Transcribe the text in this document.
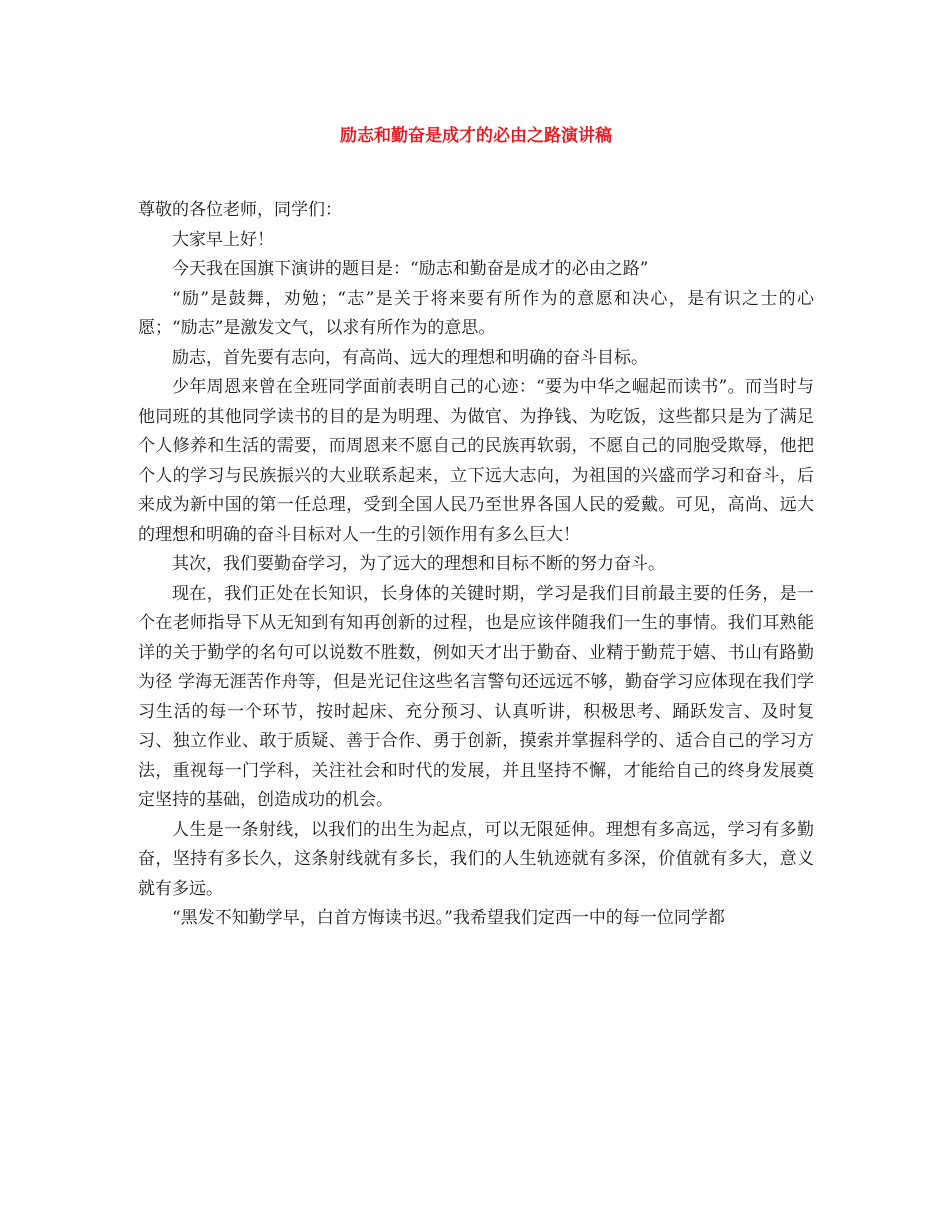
励志和勤奋是成才的必由之路演讲稿

尊敬的各位老师，同学们：

大家早上好！

今天我在国旗下演讲的题目是：“励志和勤奋是成才的必由之路”

“励”是鼓舞，劝勉；“志”是关于将来要有所作为的意愿和决心，是有识之士的心愿；“励志”是激发文气，以求有所作为的意思。

励志，首先要有志向，有高尚、远大的理想和明确的奋斗目标。

少年周恩来曾在全班同学面前表明自己的心迹：“要为中华之崛起而读书”。而当时与他同班的其他同学读书的目的是为明理、为做官、为挣钱、为吃饭，这些都只是为了满足个人修养和生活的需要，而周恩来不愿自己的民族再软弱，不愿自己的同胞受欺辱，他把个人的学习与民族振兴的大业联系起来，立下远大志向，为祖国的兴盛而学习和奋斗，后来成为新中国的第一任总理，受到全国人民乃至世界各国人民的爱戴。可见，高尚、远大的理想和明确的奋斗目标对人一生的引领作用有多么巨大！

其次，我们要勤奋学习，为了远大的理想和目标不断的努力奋斗。

现在，我们正处在长知识，长身体的关键时期，学习是我们目前最主要的任务，是一个在老师指导下从无知到有知再创新的过程，也是应该伴随我们一生的事情。我们耳熟能详的关于勤学的名句可以说数不胜数，例如天才出于勤奋、业精于勤荒于嬉、书山有路勤为径 学海无涯苦作舟等，但是光记住这些名言警句还远远不够，勤奋学习应体现在我们学习生活的每一个环节，按时起床、充分预习、认真听讲，积极思考、踊跃发言、及时复习、独立作业、敢于质疑、善于合作、勇于创新，摸索并掌握科学的、适合自己的学习方法，重视每一门学科，关注社会和时代的发展，并且坚持不懈，才能给自己的终身发展奠定坚持的基础，创造成功的机会。

人生是一条射线，以我们的出生为起点，可以无限延伸。理想有多高远，学习有多勤奋，坚持有多长久，这条射线就有多长，我们的人生轨迹就有多深，价值就有多大，意义就有多远。

“黑发不知勤学早，白首方悔读书迟。”我希望我们定西一中的每一位同学都
